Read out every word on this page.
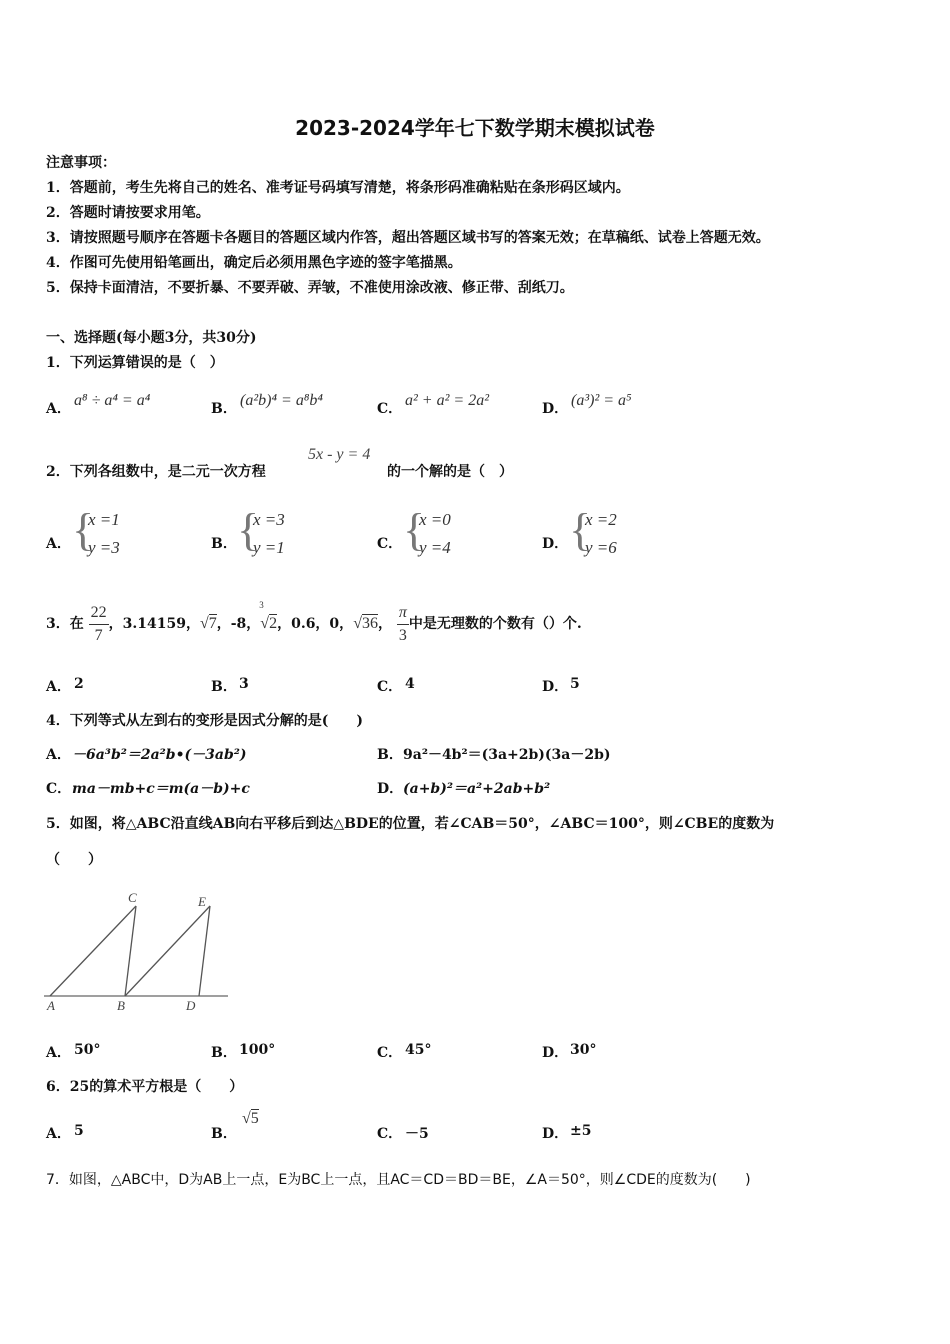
2023-2024学年七下数学期末模拟试卷
注意事项：
1．答题前，考生先将自己的姓名、准考证号码填写清楚，将条形码准确粘贴在条形码区域内。
2．答题时请按要求用笔。
3．请按照题号顺序在答题卡各题目的答题区域内作答，超出答题区域书写的答案无效；在草稿纸、试卷上答题无效。
4．作图可先使用铅笔画出，确定后必须用黑色字迹的签字笔描黑。
5．保持卡面清洁，不要折暴、不要弄破、弄皱，不准使用涂改液、修正带、刮纸刀。
一、选择题(每小题3分，共30分)
1．下列运算错误的是（　）
A． a⁸ ÷ a⁴ = a⁴	B． (a²b)⁴ = a⁸b⁴	C． a² + a² = 2a²	D． (a³)² = a⁵
2．下列各组数中，是二元一次方程
5x - y = 4
的一个解的是（　）
A． {
x =1
y =3	B． {
x =3
y =1	C． {
x =0
y =4	D． {
x =2
y =6
3．在 $\frac{22}{7}$ ，3.14159，√7，-8，
3
√2，0.6，0，√36， $\frac{\pi}{3}$ 中是无理数的个数有（）个.
A． 2	B． 3	C． 4	D． 5
4．下列等式从左到右的变形是因式分解的是(　　)
A． －6a³b²＝2a²b•(－3ab²)	B． 9a²－4b²＝(3a+2b)(3a－2b)
C． ma－mb+c＝m(a－b)+c	D． (a+b)²＝a²+2ab+b²
5．如图，将△ABC沿直线AB向右平移后到达△BDE的位置，若∠CAB＝50°，∠ABC＝100°，则∠CBE的度数为
（　　）
C	E
A	B	D
A． 50°	B． 100°	C． 45°	D． 30°
6．25的算术平方根是（　　）
A． 5	B．
√5
C． －5	D． ±5
7．如图，△ABC中，D为AB上一点，E为BC上一点，且AC＝CD＝BD＝BE，∠A＝50°，则∠CDE的度数为(　　)
